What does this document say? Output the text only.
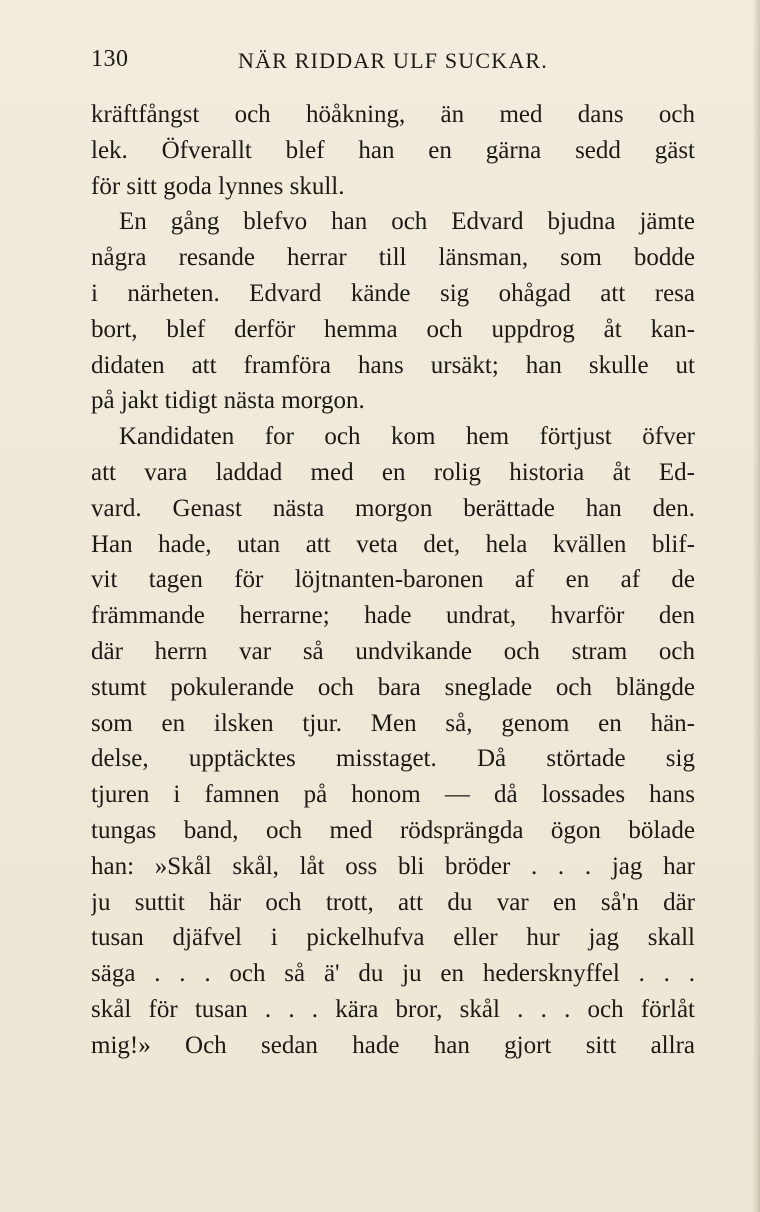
130	NÄR RIDDAR ULF SUCKAR.
kräftfångst och höåkning, än med dans och
lek. Öfverallt blef han en gärna sedd gäst
för sitt goda lynnes skull.
En gång blefvo han och Edvard bjudna jämte
några resande herrar till länsman, som bodde
i närheten. Edvard kände sig ohågad att resa
bort, blef derför hemma och uppdrog åt kan-
didaten att framföra hans ursäkt; han skulle ut
på jakt tidigt nästa morgon.
Kandidaten for och kom hem förtjust öfver
att vara laddad med en rolig historia åt Ed-
vard. Genast nästa morgon berättade han den.
Han hade, utan att veta det, hela kvällen blif-
vit tagen för löjtnanten-baronen af en af de
främmande herrarne; hade undrat, hvarför den
där herrn var så undvikande och stram och
stumt pokulerande och bara sneglade och blängde
som en ilsken tjur. Men så, genom en hän-
delse, upptäcktes misstaget. Då störtade sig
tjuren i famnen på honom — då lossades hans
tungas band, och med rödsprängda ögon bölade
han: »Skål skål, låt oss bli bröder . . . jag har
ju suttit här och trott, att du var en så'n där
tusan djäfvel i pickelhufva eller hur jag skall
säga . . . och så ä' du ju en hedersknyffel . . .
skål för tusan . . . kära bror, skål . . . och förlåt
mig!» Och sedan hade han gjort sitt allra
